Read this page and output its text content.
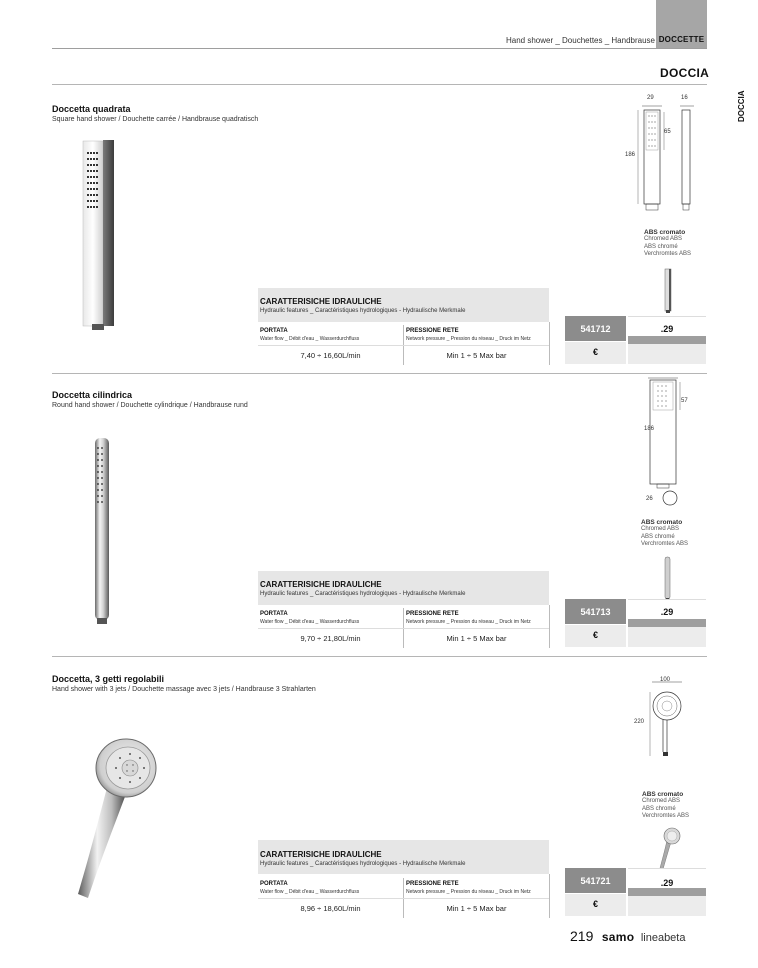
Hand shower _ Douchettes _ Handbrause DOCCETTE
DOCCIA
DOCCIA
Doccetta quadrata
Square hand shower / Douchette carrée / Handbrause quadratisch
29	16
65
186
ABS cromato
Chromed ABS
ABS chromé
Verchromtes ABS
CARATTERISICHE IDRAULICHE
Hydraulic features _ Caractéristiques hydrologiques - Hydraulische Merkmale
PORTATA
Water flow _ Débit d'eau _ Wasserdurchfluss
PRESSIONE RETE
Network pressure _ Pression du réseau _ Druck im Netz
7,40 ÷ 16,60L/min	Min 1 ÷ 5 Max bar
541712	.29
€
Doccetta cilindrica
Round hand shower / Douchette cylindrique / Handbrause rund
57
186
26
ABS cromato
Chromed ABS
ABS chromé
Verchromtes ABS
CARATTERISICHE IDRAULICHE
Hydraulic features _ Caractéristiques hydrologiques - Hydraulische Merkmale
PORTATA
Water flow _ Débit d'eau _ Wasserdurchfluss
PRESSIONE RETE
Network pressure _ Pression du réseau _ Druck im Netz
9,70 ÷ 21,80L/min	Min 1 ÷ 5 Max bar
541713	.29
€
Doccetta, 3 getti regolabili
Hand shower with 3 jets / Douchette massage avec 3 jets / Handbrause 3 Strahlarten
100
220
ABS cromato
Chromed ABS
ABS chromé
Verchromtes ABS
CARATTERISICHE IDRAULICHE
Hydraulic features _ Caractéristiques hydrologiques - Hydraulische Merkmale
PORTATA
Water flow _ Débit d'eau _ Wasserdurchfluss
PRESSIONE RETE
Network pressure _ Pression du réseau _ Druck im Netz
8,96 ÷ 18,60L/min	Min 1 ÷ 5 Max bar
541721	.29
€
219 samo lineabeta
